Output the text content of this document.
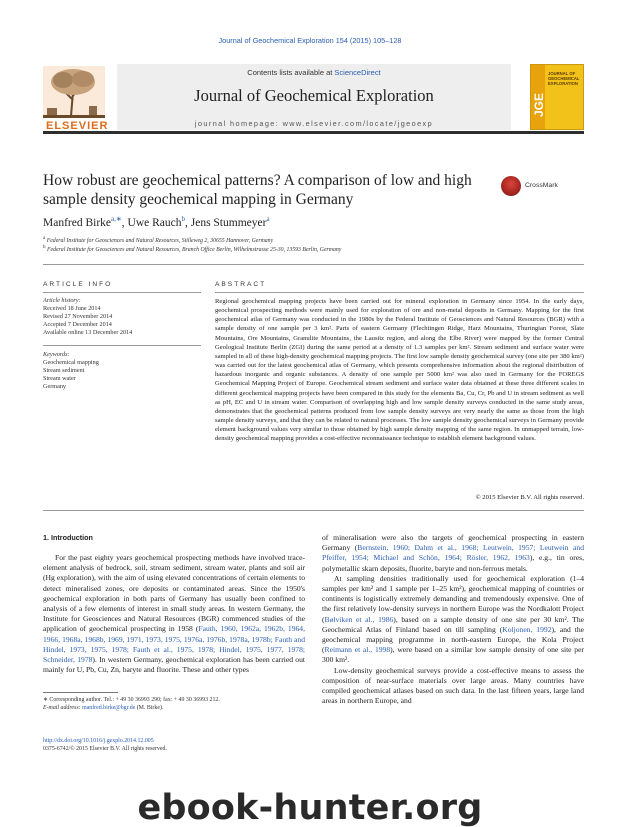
Journal of Geochemical Exploration 154 (2015) 105–128
ELSEVIER
Contents lists available at ScienceDirect
Journal of Geochemical Exploration
journal homepage: www.elsevier.com/locate/jgeoexp
JOURNAL OF GEOCHEMICAL EXPLORATION
JGE
How robust are geochemical patterns? A comparison of low and high sample density geochemical mapping in Germany
CrossMark
Manfred Birke$^{a,∗}$, Uwe Rauch$^b$, Jens Stummeyer$^a$
$^a$ Federal Institute for Geosciences and Natural Resources, Stilleweg 2, 30655 Hannover, Germany
$^b$ Federal Institute for Geosciences and Natural Resources, Branch Office Berlin, Wilhelmstrasse 25-30, 13593 Berlin, Germany
ARTICLE INFO	ABSTRACT
Article history:
Received 18 June 2014
Revised 27 November 2014
Accepted 7 December 2014
Available online 13 December 2014
Keywords:
Geochemical mapping
Stream sediment
Stream water
Germany
Regional geochemical mapping projects have been carried out for mineral exploration in Germany since 1954. In the early days, geochemical prospecting methods were mainly used for exploration of ore and non-metal deposits in Germany. Mapping for the first geochemical atlas of Germany was conducted in the 1980s by the Federal Institute of Geosciences and Natural Resources (BGR) with a sample density of one sample per 3 km². Parts of eastern Germany (Flechtingen Ridge, Harz Mountains, Thuringian Forest, Slate Mountains, Ore Mountains, Granulite Mountains, the Lausitz region, and along the Elbe River) were mapped by the former Central Geological Institute Berlin (ZGI) during the same period at a density of 1.3 samples per km². Stream sediment and surface water were sampled in all of these high-density geochemical mapping projects. The first low sample density geochemical survey (one site per 380 km²) was carried out for the latest geochemical atlas of Germany, which presents comprehensive information about the regional distribution of hazardous inorganic and organic substances. A density of one sample per 5000 km² was also used in Germany for the FOREGS Geochemical Mapping Project of Europe. Geochemical stream sediment and surface water data obtained at these three different scales in different geochemical mapping projects have been compared in this study for the elements Ba, Cu, Cr, Pb and U in stream sediment as well as pH, EC and U in stream water. Comparison of overlapping high and low sample density surveys conducted in the same study areas, demonstrates that the geochemical patterns produced from low sample density surveys are very nearly the same as those from the high sample density surveys, and that they can be related to natural processes. The low sample density geochemical surveys in Germany provide element background values very similar to those obtained by high sample density mapping of the same region. In unmapped terrain, low-density geochemical mapping provides a cost-effective reconnaissance technique to establish element background values.
© 2015 Elsevier B.V. All rights reserved.
1. Introduction

For the past eighty years geochemical prospecting methods have involved trace-element analysis of bedrock, soil, stream sediment, stream water, plants and soil air (Hg exploration), with the aim of using elevated concentrations of certain elements to detect mineralised zones, ore deposits or contaminated areas. Since the 1950's geochemical exploration in both parts of Germany has usually been confined to analysis of a few elements of interest in small study areas. In western Germany, the Institute for Geosciences and Natural Resources (BGR) commenced studies of the application of geochemical prospecting in 1958 (Fauth, 1960, 1962a, 1962b, 1964, 1966, 1968a, 1968b, 1969, 1971, 1973, 1975, 1976a, 1976b, 1978a, 1978b; Fauth and Hindel, 1973, 1975, 1978; Fauth et al., 1975, 1978; Hindel, 1975, 1977, 1978; Schneider, 1978). In western Germany, geochemical exploration has been carried out mainly for U, Pb, Cu, Zn, baryte and fluorite. These and other types

of mineralisation were also the targets of geochemical prospecting in eastern Germany (Bernstein, 1960; Dahm et al., 1968; Leutwein, 1957; Leutwein and Pfeiffer, 1954; Michael and Schön, 1964; Rösler, 1962, 1963), e.g., tin ores, polymetallic skarn deposits, fluorite, baryte and non-ferrous metals.

At sampling densities traditionally used for geochemical exploration (1–4 samples per km² and 1 sample per 1–25 km²), geochemical mapping of countries or continents is logistically extremely demanding and tremendously expensive. One of the first relatively low-density surveys in northern Europe was the Nordkalott Project (Bølviken et al., 1986), based on a sample density of one site per 30 km². The Geochemical Atlas of Finland based on till sampling (Koljonen, 1992), and the geochemical mapping programme in north-eastern Europe, the Kola Project (Reimann et al., 1998), were based on a similar low sample density of one site per 300 km².

Low-density geochemical surveys provide a cost-effective means to assess the composition of near-surface materials over large areas. Many countries have compiled geochemical atlases based on such data. In the last fifteen years, large land areas in northern Europe, and

∗ Corresponding author. Tel.: + 49 30 36993 290; fax: + 49 30 36993 212.
E-mail address: manfred.birke@bgr.de (M. Birke).
http://dx.doi.org/10.1016/j.gexplo.2014.12.005
0375-6742/© 2015 Elsevier B.V. All rights reserved.
ebook-hunter.org
